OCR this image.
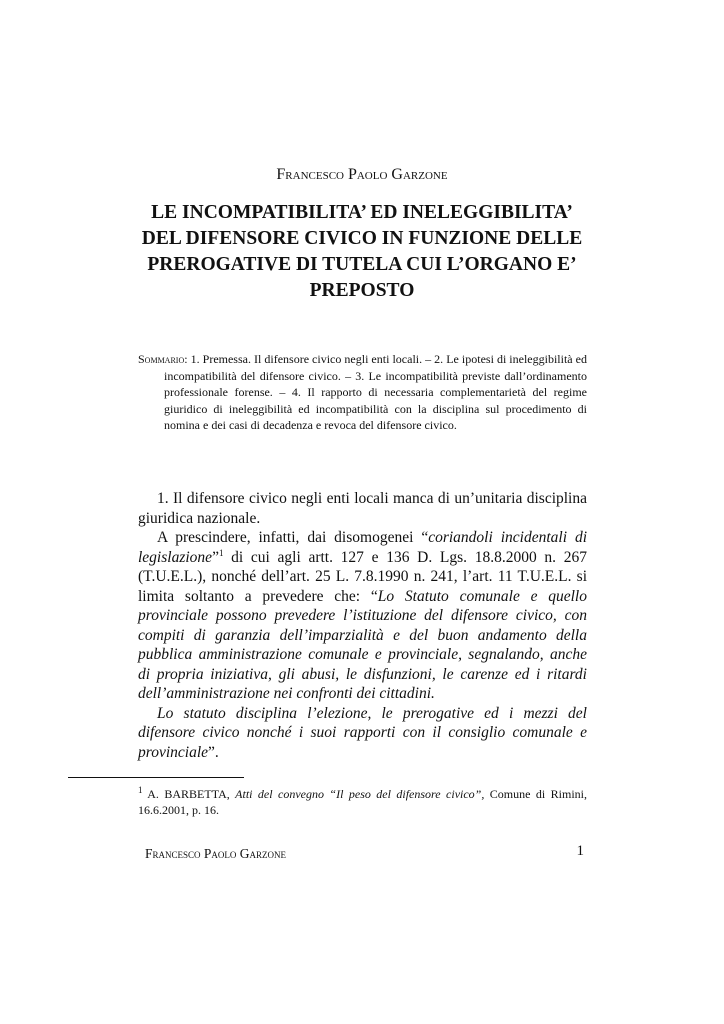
Francesco Paolo Garzone
LE INCOMPATIBILITA’ ED INELEGGIBILITA’
DEL DIFENSORE CIVICO IN FUNZIONE DELLE
PREROGATIVE DI TUTELA CUI L’ORGANO E’
PREPOSTO

Sommario: 1. Premessa. Il difensore civico negli enti locali. – 2. Le ipotesi di ineleggibilità ed incompatibilità del difensore civico. – 3. Le incompatibilità previste dall’ordinamento professionale forense. – 4. Il rapporto di necessaria complementarietà del regime giuridico di ineleggibilità ed incompatibilità con la disciplina sul procedimento di nomina e dei casi di decadenza e revoca del difensore civico.

1. Il difensore civico negli enti locali manca di un’unitaria disciplina giuridica nazionale.

A prescindere, infatti, dai disomogenei “coriandoli incidentali di legislazione”$^1$ di cui agli artt. 127 e 136 D. Lgs. 18.8.2000 n. 267 (T.U.E.L.), nonché dell’art. 25 L. 7.8.1990 n. 241, l’art. 11 T.U.E.L. si limita soltanto a prevedere che: “Lo Statuto comunale e quello provinciale possono prevedere l’istituzione del difensore civico, con compiti di garanzia dell’imparzialità e del buon andamento della pubblica amministrazione comunale e provinciale, segnalando, anche di propria iniziativa, gli abusi, le disfunzioni, le carenze ed i ritardi dell’amministrazione nei confronti dei cittadini.

Lo statuto disciplina l’elezione, le prerogative ed i mezzi del difensore civico nonché i suoi rapporti con il consiglio comunale e provinciale”.

$^1$ A. BARBETTA, Atti del convegno “Il peso del difensore civico”, Comune di Rimini, 16.6.2001, p. 16.

Francesco Paolo Garzone	1
